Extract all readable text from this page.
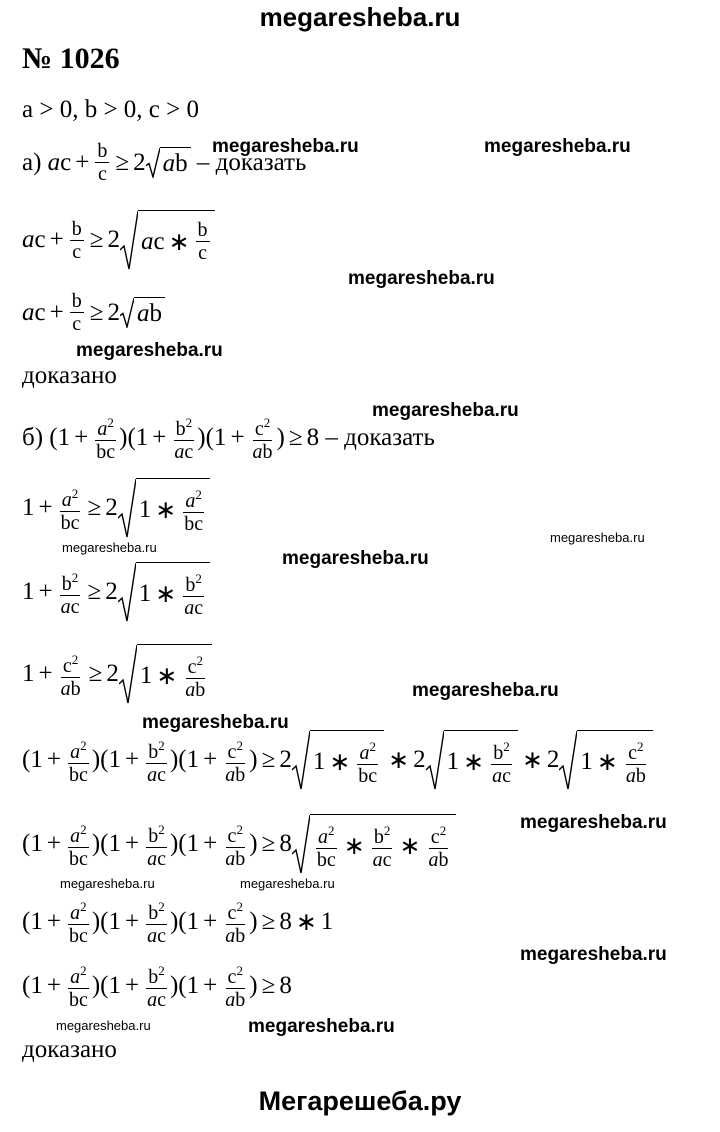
megaresheba.ru
№ 1026
a > 0, b > 0, c > 0
а)
a $c + \frac{b}{c} \ge 2$ a b
– доказать
a $c + \frac{b}{c} \ge 2$ a c ∗ $\frac{b}{c}$
a $c + \frac{b}{c} \ge 2$ a b
доказано
б) $(1 + \frac{a^2}{bc} )(1 + \frac{b^2}{ac} )(1 + \frac{c^2}{ab}$ ) ≥ 8 – доказать
$1 + \frac{a^2}{bc} \ge 2$ 1 ∗ $\frac{a^2}{bc}$
$1 + \frac{b^2}{ac} \ge 2$ 1 ∗ $\frac{b^2}{ac}$
$1 + \frac{c^2}{ab} \ge 2$ 1 ∗ $\frac{c^2}{ab}$
$(1 + \frac{a^2}{bc} )(1 + \frac{b^2}{ac} )(1 + \frac{c^2}{ab}$ ) ≥ 2 1 ∗ $\frac{a^2}{bc}$ ∗ 2 1 ∗ $\frac{b^2}{ac}$ ∗ 2 1 ∗ $\frac{c^2}{ab}$
$(1 + \frac{a^2}{bc} )(1 + \frac{b^2}{ac} )(1 + \frac{c^2}{ab}$ ) ≥ $8 \frac{a^2}{bc}$ ∗ $\frac{b^2}{ac}$ ∗ $\frac{c^2}{ab}$
$(1 + \frac{a^2}{bc} )(1 + \frac{b^2}{ac} )(1 + \frac{c^2}{ab}$ ) ≥ 8 ∗ 1
$(1 + \frac{a^2}{bc} )(1 + \frac{b^2}{ac} )(1 + \frac{c^2}{ab}$ ) ≥ 8
доказано
megaresheba.ru	megaresheba.ru
megaresheba.ru
megaresheba.ru
megaresheba.ru
megaresheba.ru
megaresheba.ru
megaresheba.ru
megaresheba.ru
megaresheba.ru
megaresheba.ru
megaresheba.ru	megaresheba.ru
megaresheba.ru
megaresheba.ru	megaresheba.ru
Мегарешеба.ру
